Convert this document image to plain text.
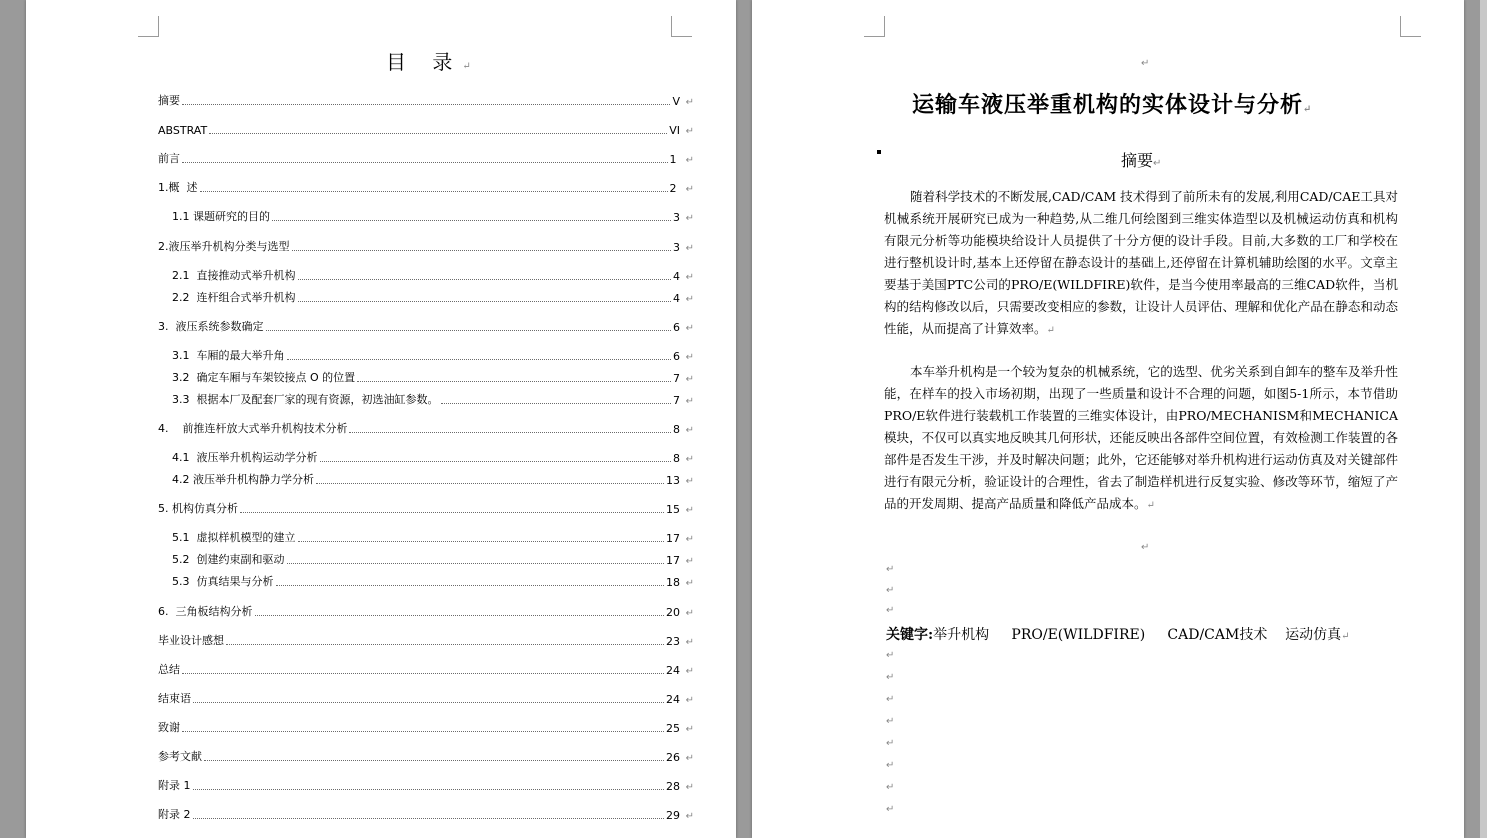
目 录↵
摘要	V ↵
ABSTRAT	VI ↵
前言	1 ↵
1.概  述	2 ↵
1.1 课题研究的目的	3 ↵
2.液压举升机构分类与选型	3 ↵
2.1  直接推动式举升机构	4 ↵
2.2  连杆组合式举升机构	4 ↵
3.  液压系统参数确定	6 ↵
3.1  车厢的最大举升角	6 ↵
3.2  确定车厢与车架铰接点 O 的位置	7 ↵
3.3  根据本厂及配套厂家的现有资源，初选油缸参数。	7 ↵
4.    前推连杆放大式举升机构技术分析	8 ↵
4.1  液压举升机构运动学分析	8 ↵
4.2 液压举升机构静力学分析	13 ↵
5. 机构仿真分析	15 ↵
5.1  虚拟样机模型的建立	17 ↵
5.2  创建约束副和驱动	17 ↵
5.3  仿真结果与分析	18 ↵
6.  三角板结构分析	20 ↵
毕业设计感想	23 ↵
总结	24 ↵
结束语	24 ↵
致谢	25 ↵
参考文献	26 ↵
附录 1	28 ↵
附录 2	29 ↵
↵
运输车液压举重机构的实体设计与分析↵
摘要↵

随着科学技术的不断发展,CAD/CAM 技术得到了前所未有的发展,利用CAD/CAE工具对机械系统开展研究已成为一种趋势,从二维几何绘图到三维实体造型以及机械运动仿真和机构有限元分析等功能模块给设计人员提供了十分方便的设计手段。目前,大多数的工厂和学校在进行整机设计时,基本上还停留在静态设计的基础上,还停留在计算机辅助绘图的水平。文章主要基于美国PTC公司的PRO/E(WILDFIRE)软件，是当今使用率最高的三维CAD软件，当机构的结构修改以后，只需要改变相应的参数，让设计人员评估、理解和优化产品在静态和动态性能，从而提高了计算效率。↵

本车举升机构是一个较为复杂的机械系统，它的选型、优劣关系到自卸车的整车及举升性能，在样车的投入市场初期，出现了一些质量和设计不合理的问题，如图5-1所示，本节借助PRO/E软件进行装载机工作装置的三维实体设计，由PRO/MECHANISM和MECHANICA模块，不仅可以真实地反映其几何形状，还能反映出各部件空间位置，有效检测工作装置的各部件是否发生干涉，并及时解决问题；此外，它还能够对举升机构进行运动仿真及对关键部件进行有限元分析，验证设计的合理性，省去了制造样机进行反复实验、修改等环节，缩短了产品的开发周期、提高产品质量和降低产品成本。↵

↵
↵
↵
↵
关键字:举升机构     PRO/E(WILDFIRE)     CAD/CAM技术    运动仿真↵
↵
↵
↵
↵
↵
↵
↵
↵
